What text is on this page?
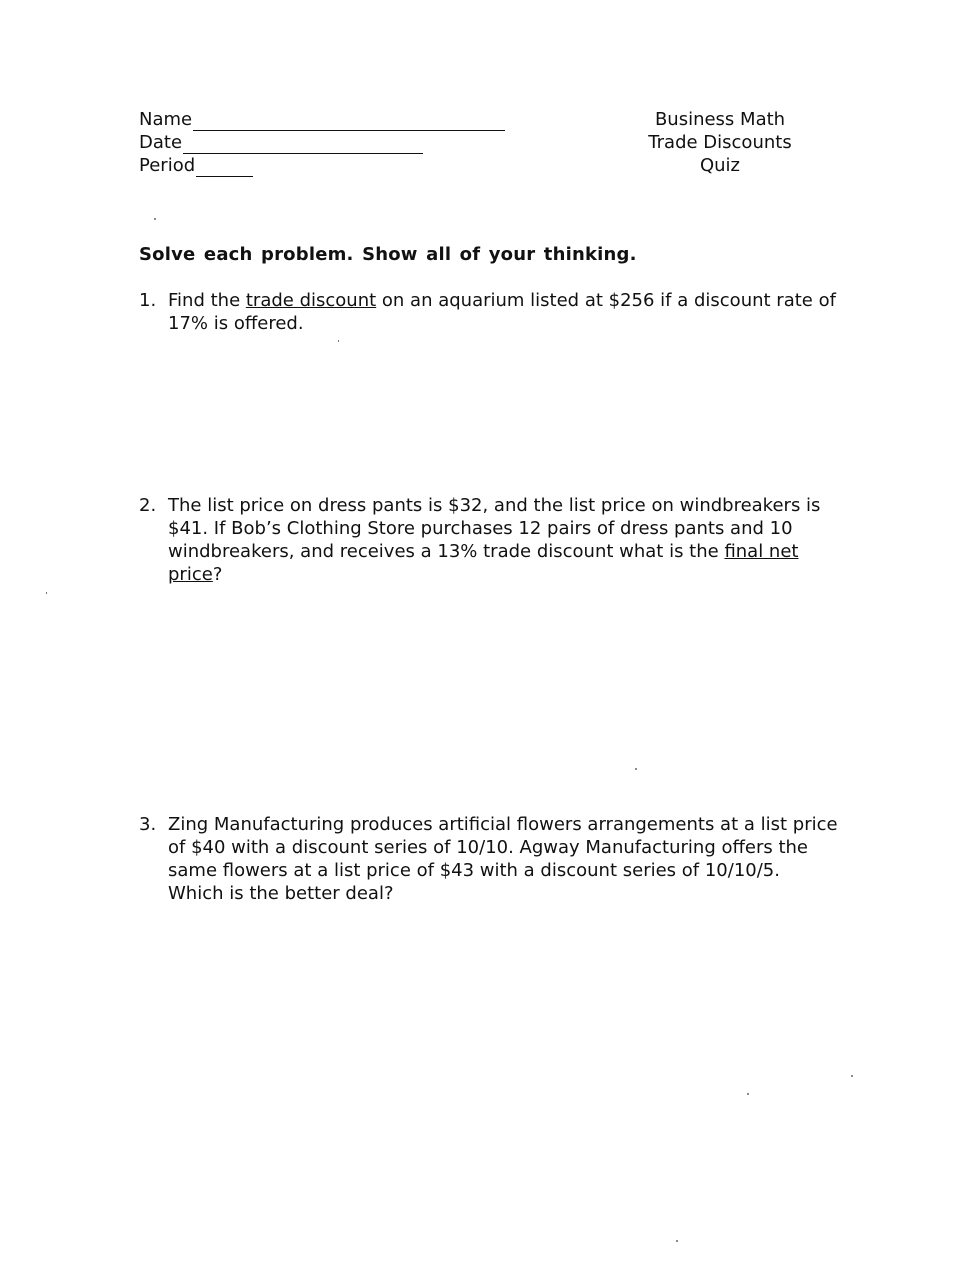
Name
Date
Period
Business Math
Trade Discounts
Quiz
Solve each problem. Show all of your thinking.
1. Find the trade discount on an aquarium listed at $256 if a discount rate of 17% is offered.
2. The list price on dress pants is $32, and the list price on windbreakers is $41. If Bob’s Clothing Store purchases 12 pairs of dress pants and 10 windbreakers, and receives a 13% trade discount what is the final net price?
3. Zing Manufacturing produces artificial flowers arrangements at a list price of $40 with a discount series of 10/10. Agway Manufacturing offers the same flowers at a list price of $43 with a discount series of 10/10/5. Which is the better deal?
